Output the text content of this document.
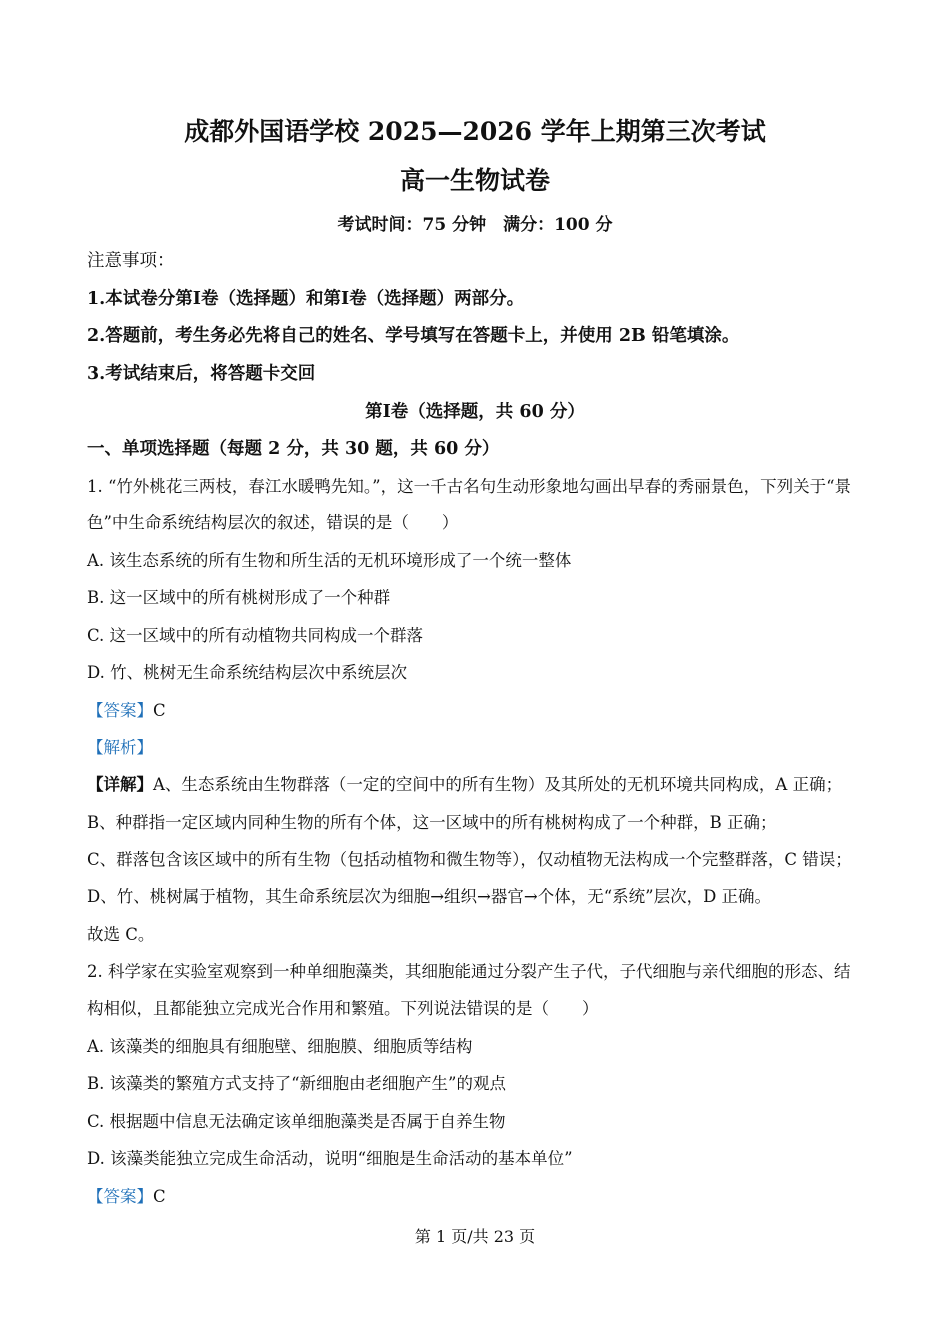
成都外国语学校 2025—2026 学年上期第三次考试
高一生物试卷
考试时间：75 分钟　满分：100 分
注意事项：
1.本试卷分第Ⅰ卷（选择题）和第Ⅰ卷（选择题）两部分。
2.答题前，考生务必先将自己的姓名、学号填写在答题卡上，并使用 2B 铅笔填涂。
3.考试结束后，将答题卡交回
第Ⅰ卷（选择题，共 60 分）
一、单项选择题（每题 2 分，共 30 题，共 60 分）
1. “竹外桃花三两枝，春江水暖鸭先知。”，这一千古名句生动形象地勾画出早春的秀丽景色，下列关于“景
色”中生命系统结构层次的叙述，错误的是（　　）
A. 该生态系统的所有生物和所生活的无机环境形成了一个统一整体
B. 这一区域中的所有桃树形成了一个种群
C. 这一区域中的所有动植物共同构成一个群落
D. 竹、桃树无生命系统结构层次中系统层次
【答案】C
【解析】
【详解】A、生态系统由生物群落（一定的空间中的所有生物）及其所处的无机环境共同构成，A 正确；
B、种群指一定区域内同种生物的所有个体，这一区域中的所有桃树构成了一个种群，B 正确；
C、群落包含该区域中的所有生物（包括动植物和微生物等），仅动植物无法构成一个完整群落，C 错误；
D、竹、桃树属于植物，其生命系统层次为细胞→组织→器官→个体，无“系统”层次，D 正确。
故选 C。
2. 科学家在实验室观察到一种单细胞藻类，其细胞能通过分裂产生子代，子代细胞与亲代细胞的形态、结
构相似，且都能独立完成光合作用和繁殖。下列说法错误的是（　　）
A. 该藻类的细胞具有细胞壁、细胞膜、细胞质等结构
B. 该藻类的繁殖方式支持了“新细胞由老细胞产生”的观点
C. 根据题中信息无法确定该单细胞藻类是否属于自养生物
D. 该藻类能独立完成生命活动，说明“细胞是生命活动的基本单位”
【答案】C
第 1 页/共 23 页
